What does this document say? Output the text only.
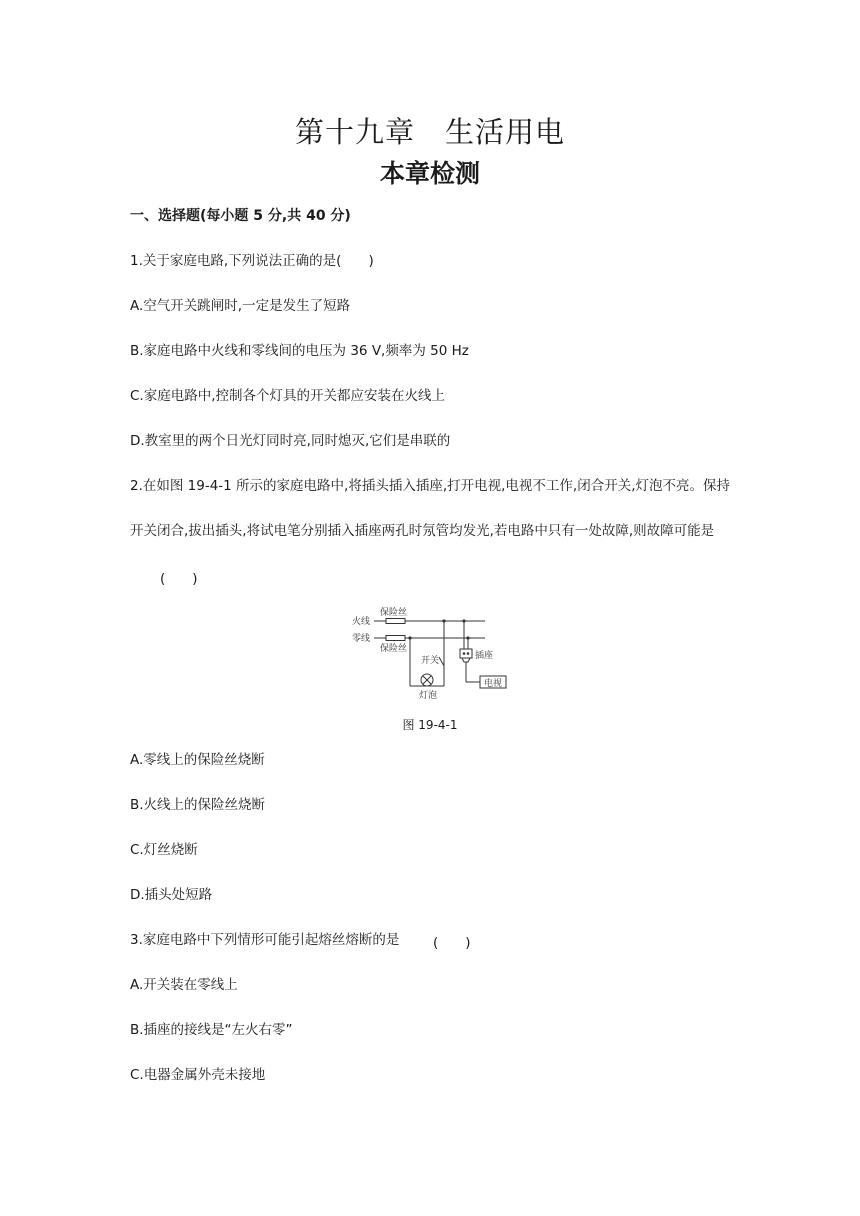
第十九章 生活用电
本章检测
一、选择题(每小题 5 分,共 40 分)
1.关于家庭电路,下列说法正确的是(　　)
A.空气开关跳闸时,一定是发生了短路
B.家庭电路中火线和零线间的电压为 36 V,频率为 50 Hz
C.家庭电路中,控制各个灯具的开关都应安装在火线上
D.教室里的两个日光灯同时亮,同时熄灭,它们是串联的
2.在如图 19-4-1 所示的家庭电路中,将插头插入插座,打开电视,电视不工作,闭合开关,灯泡不亮。保持
开关闭合,拔出插头,将试电笔分别插入插座两孔时氖管均发光,若电路中只有一处故障,则故障可能是
(　　)
火线
零线
保险丝
保险丝
开关
灯泡
插座
电视
图 19-4-1
A.零线上的保险丝烧断
B.火线上的保险丝烧断
C.灯丝烧断
D.插头处短路
3.家庭电路中下列情形可能引起熔丝熔断的是 (　　)
A.开关装在零线上
B.插座的接线是“左火右零”
C.电器金属外壳未接地
